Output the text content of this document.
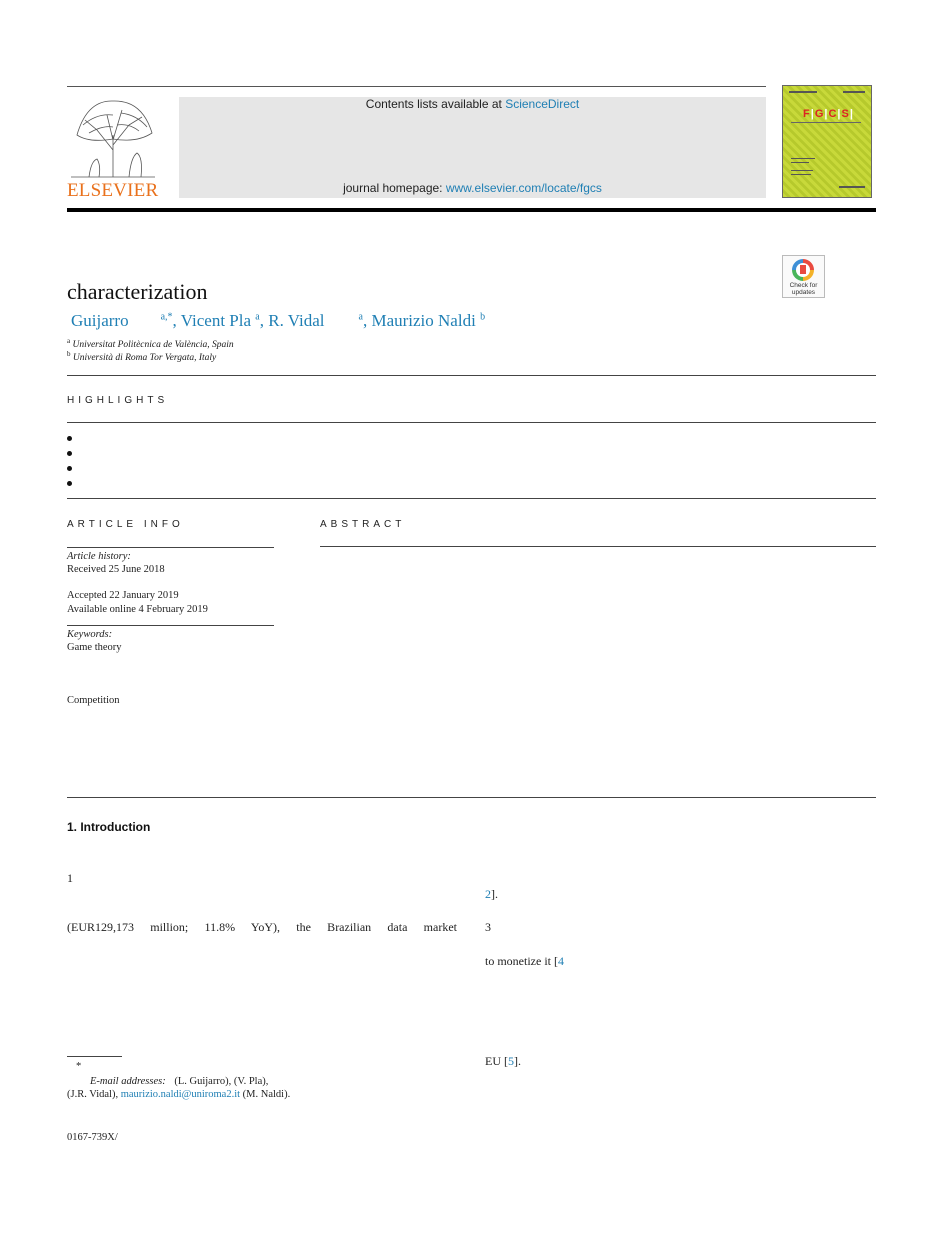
ELSEVIER
Contents lists available at ScienceDirect
journal homepage: www.elsevier.com/locate/fgcs
F|G|C|S|
characterization	Check for updates
Guijarro	$^{a,*}$, Vicent Pla $^a$, R. Vidal	$^a$, Maurizio Naldi $^b$
$^a$ Universitat Politècnica de València, Spain
$^b$ Università di Roma Tor Vergata, Italy
HIGHLIGHTS
ARTICLE INFO
Article history:
Received 25 June 2018
Accepted 22 January 2019
Available online 4 February 2019
Keywords:
Game theory
Competition
ABSTRACT
1. Introduction
1
2].
(EUR129,173 million; 11.8% YoY), the Brazilian data market 3
to monetize it [4
EU [5].
*
E-mail addresses: (L. Guijarro), (V. Pla),
(J.R. Vidal), maurizio.naldi@uniroma2.it (M. Naldi).
0167-739X/
